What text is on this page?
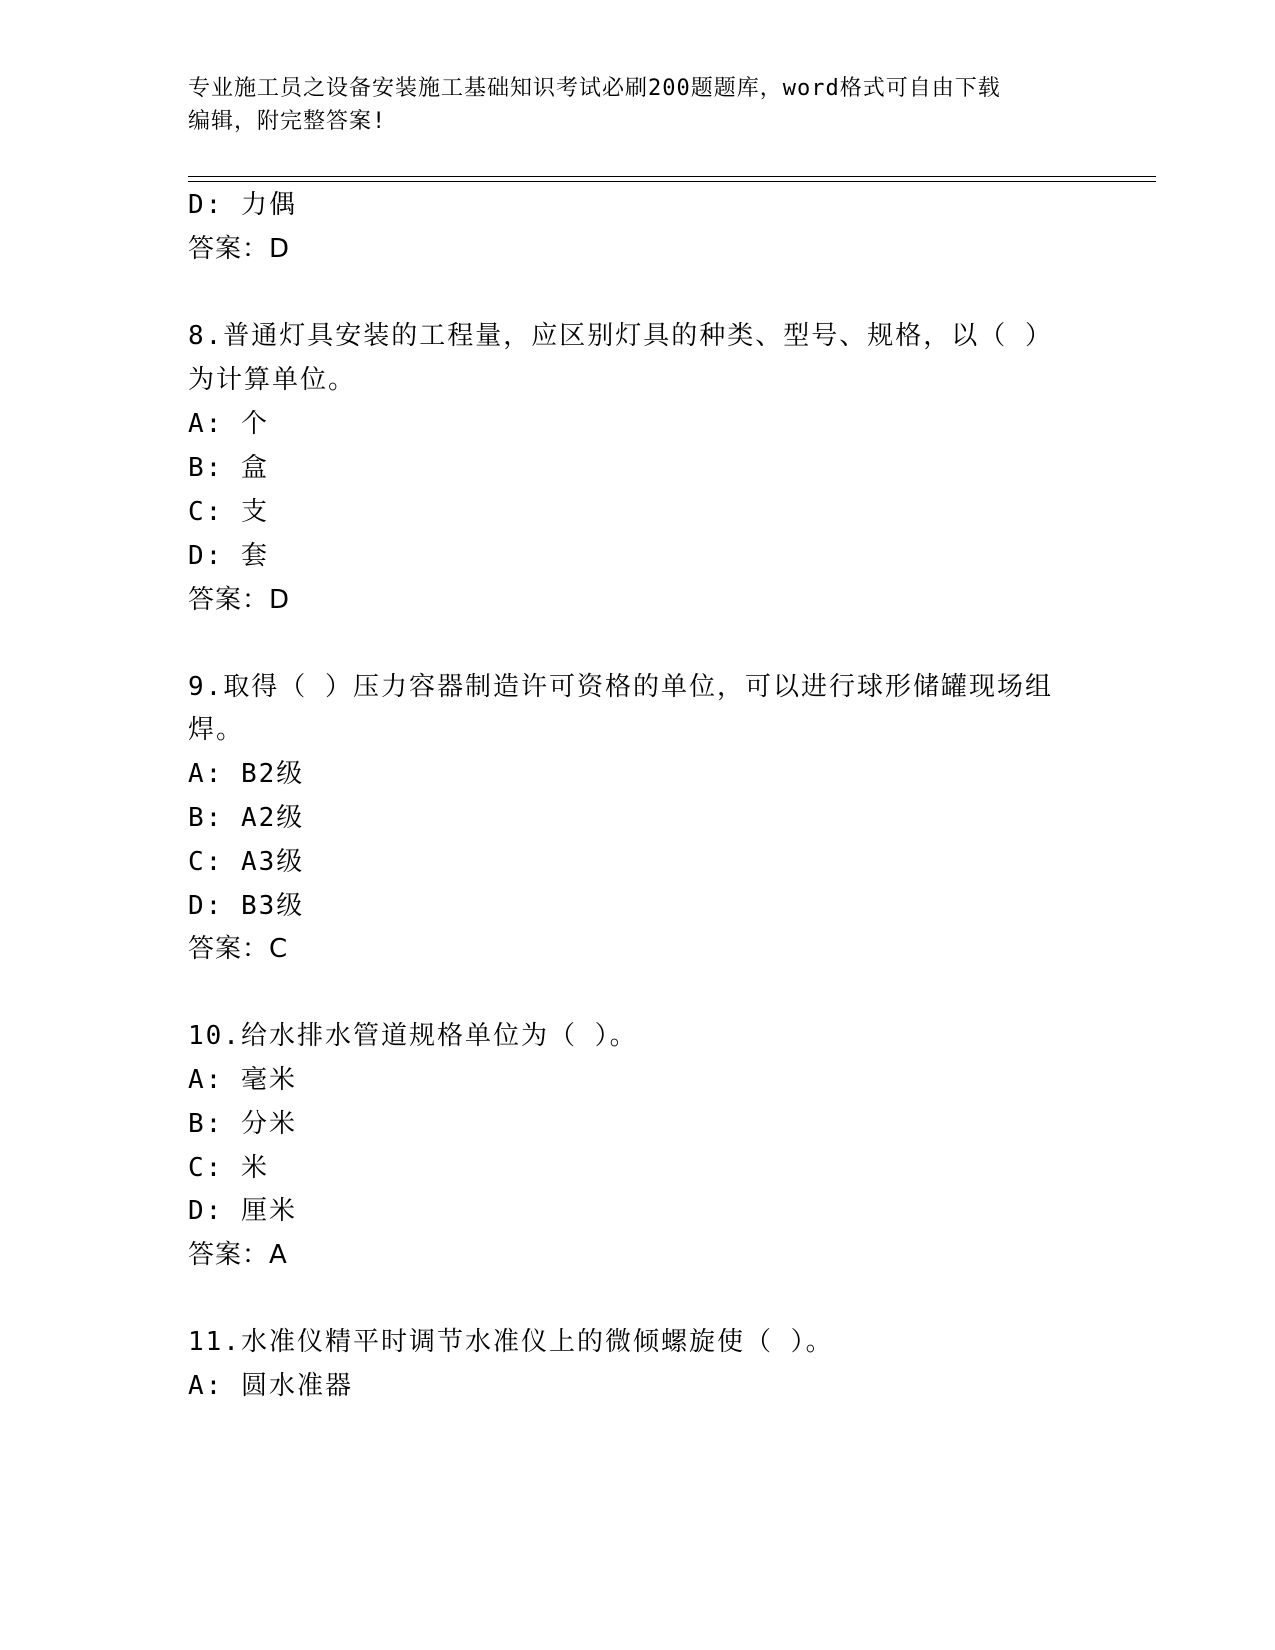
专业施工员之设备安装施工基础知识考试必刷200题题库，word格式可自由下载
编辑，附完整答案!
D: 力偶
答案：D
8.普通灯具安装的工程量，应区别灯具的种类、型号、规格，以（ ）
为计算单位。
A: 个
B: 盒
C: 支
D: 套
答案：D
9.取得（ ）压力容器制造许可资格的单位，可以进行球形储罐现场组
焊。
A: B2级
B: A2级
C: A3级
D: B3级
答案：C
10.给水排水管道规格单位为（ ）。
A: 毫米
B: 分米
C: 米
D: 厘米
答案：A
11.水准仪精平时调节水准仪上的微倾螺旋使（ ）。
A: 圆水准器
